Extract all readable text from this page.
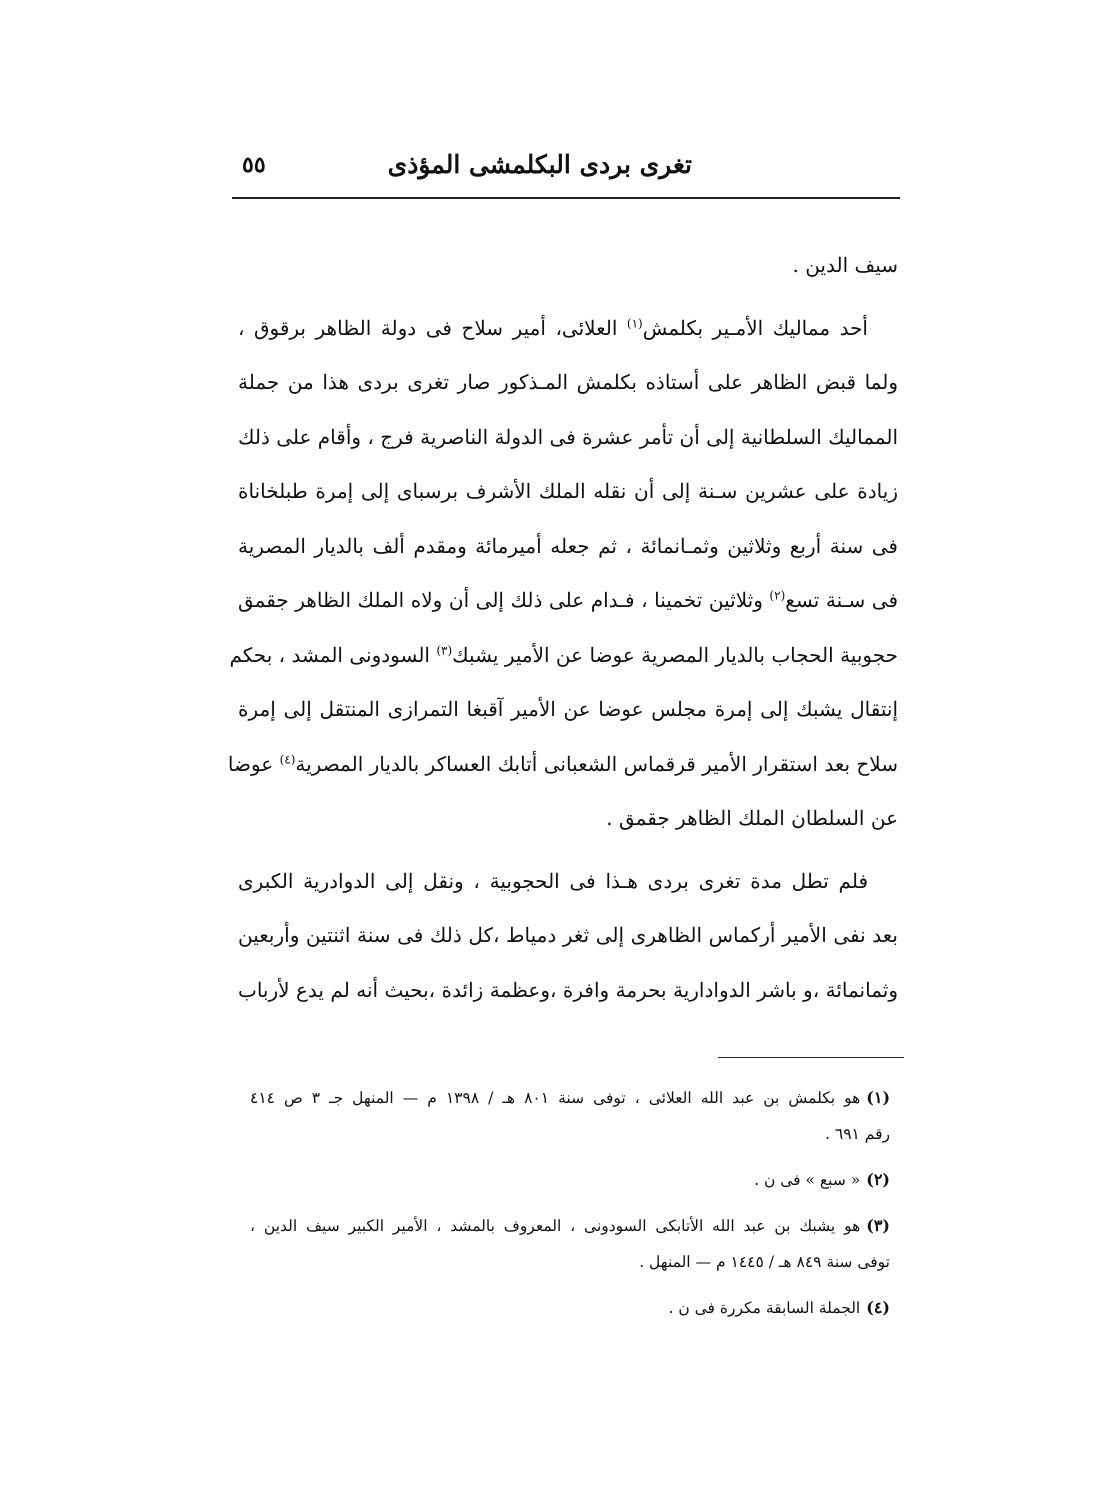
تغرى بردى البكلمشى المؤذى
٥٥
سيف الدين .
أحد مماليك الأمـير بكلمش$^{(١)}$ العلائى، أمير سلاح فى دولة الظاهر برقوق ،
ولما قبض الظاهر على أستاذه بكلمش المـذكور صار تغرى بردى هذا من جملة
المماليك السلطانية إلى أن تأمر عشرة فى الدولة الناصرية فرج ، وأقام على ذلك
زيادة على عشرين سـنة إلى أن نقله الملك الأشرف برسباى إلى إمرة طبلخاناة
فى سنة أربع وثلاثين وثمـانمائة ، ثم جعله أميرمائة ومقدم ألف بالديار المصرية
فى سـنة تسع$^{(٢)}$ وثلاثين تخمينا ، فـدام على ذلك إلى أن ولاه الملك الظاهر جقمق
حجوبية الحجاب بالديار المصرية عوضا عن الأمير يشبك$^{(٣)}$ السودونى المشد ، بحكم
إنتقال يشبك إلى إمرة مجلس عوضا عن الأمير آقبغا التمرازى المنتقل إلى إمرة
سلاح بعد استقرار الأمير قرقماس الشعبانى أتابك العساكر بالديار المصرية$^{(٤)}$ عوضا
عن السلطان الملك الظاهر جقمق .
فلم تطل مدة تغرى بردى هـذا فى الحجوبية ، ونقل إلى الدوادرية الكبرى
بعد نفى الأمير أركماس الظاهرى إلى ثغر دمياط ،كل ذلك فى سنة اثنتين وأربعين
وثمانمائة ،و باشر الدوادارية بحرمة وافرة ،وعظمة زائدة ،بحيث أنه لم يدع لأرباب
(١)هو بكلمش بن عبد الله العلائى ، توفى سنة ٨٠١ هـ / ١٣٩٨ م — المنهل جـ ٣ ص ٤١٤
رقم ٦٩١ .
(٢)« سبع » فى ن .
(٣)هو يشبك بن عبد الله الأتابكى السودونى ، المعروف بالمشد ، الأمير الكبير سيف الدين ،
توفى سنة ٨٤٩ هـ / ١٤٤٥ م — المنهل .
(٤)الجملة السابقة مكررة فى ن .
